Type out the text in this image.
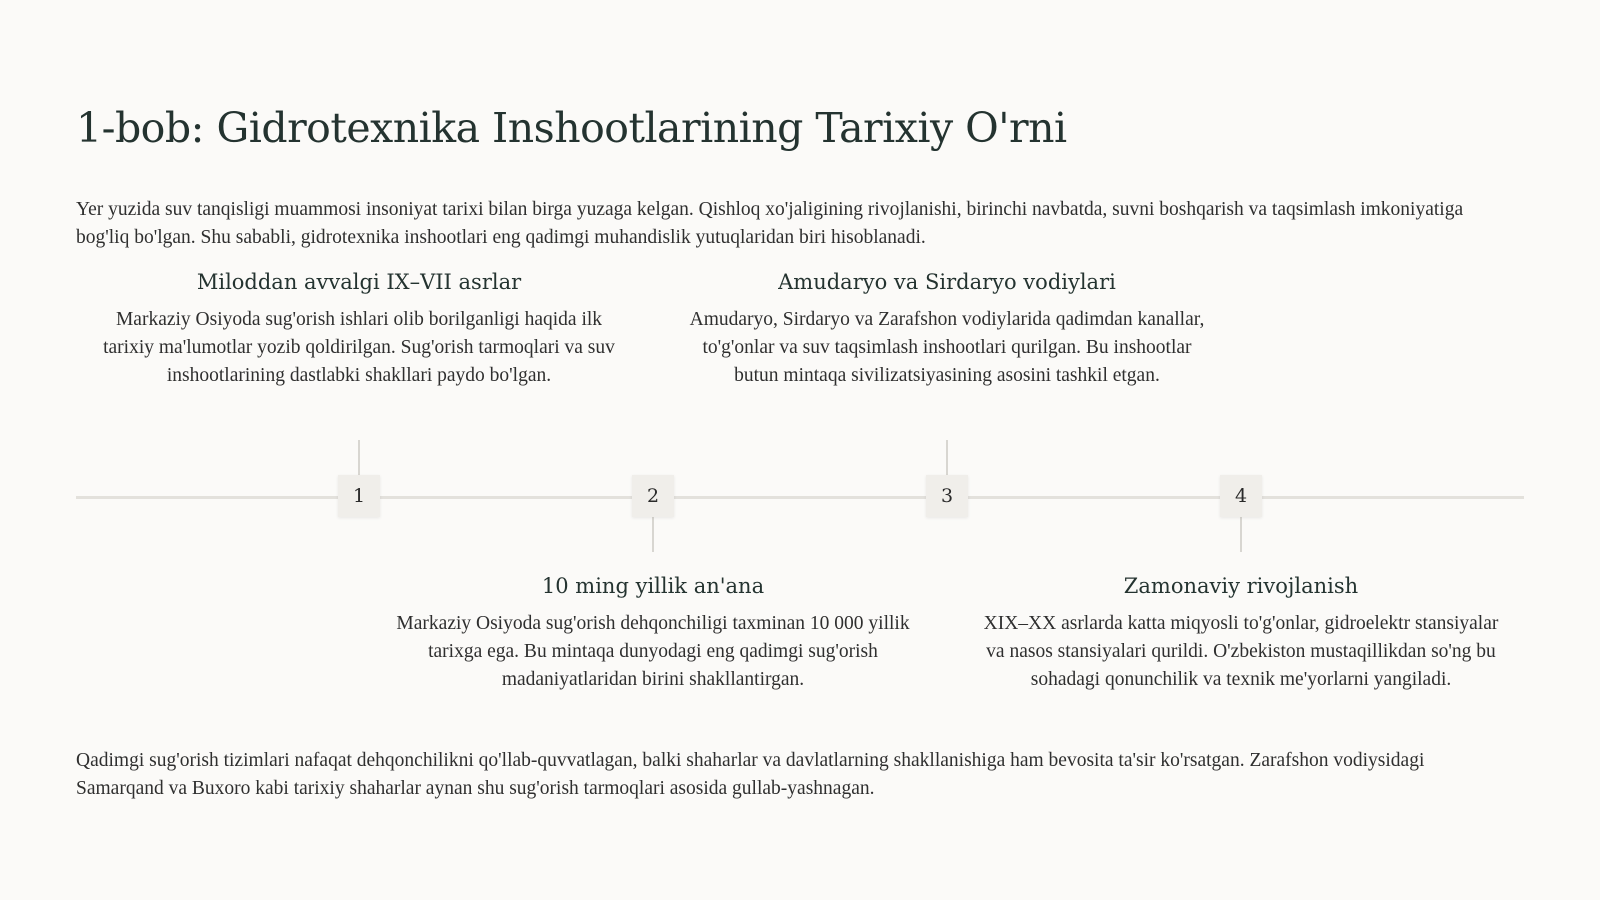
1-bob: Gidrotexnika Inshootlarining Tarixiy O'rni

Yer yuzida suv tanqisligi muammosi insoniyat tarixi bilan birga yuzaga kelgan. Qishloq xo'jaligining rivojlanishi, birinchi navbatda, suvni boshqarish va taqsimlash imkoniyatiga bog'liq bo'lgan. Shu sababli, gidrotexnika inshootlari eng qadimgi muhandislik yutuqlaridan biri hisoblanadi.

1	2	3	4
Miloddan avvalgi IX–VII asrlar

Markaziy Osiyoda sug'orish ishlari olib borilganligi haqida ilk tarixiy ma'lumotlar yozib qoldirilgan. Sug'orish tarmoqlari va suv inshootlarining dastlabki shakllari paydo bo'lgan.

10 ming yillik an'ana

Markaziy Osiyoda sug'orish dehqonchiligi taxminan 10 000 yillik tarixga ega. Bu mintaqa dunyodagi eng qadimgi sug'orish madaniyatlaridan birini shakllantirgan.

Amudaryo va Sirdaryo vodiylari

Amudaryo, Sirdaryo va Zarafshon vodiylarida qadimdan kanallar, to'g'onlar va suv taqsimlash inshootlari qurilgan. Bu inshootlar butun mintaqa sivilizatsiyasining asosini tashkil etgan.

Zamonaviy rivojlanish

XIX–XX asrlarda katta miqyosli to'g'onlar, gidroelektr stansiyalar va nasos stansiyalari qurildi. O'zbekiston mustaqillikdan so'ng bu sohadagi qonunchilik va texnik me'yorlarni yangiladi.

Qadimgi sug'orish tizimlari nafaqat dehqonchilikni qo'llab-quvvatlagan, balki shaharlar va davlatlarning shakllanishiga ham bevosita ta'sir ko'rsatgan. Zarafshon vodiysidagi Samarqand va Buxoro kabi tarixiy shaharlar aynan shu sug'orish tarmoqlari asosida gullab-yashnagan.
